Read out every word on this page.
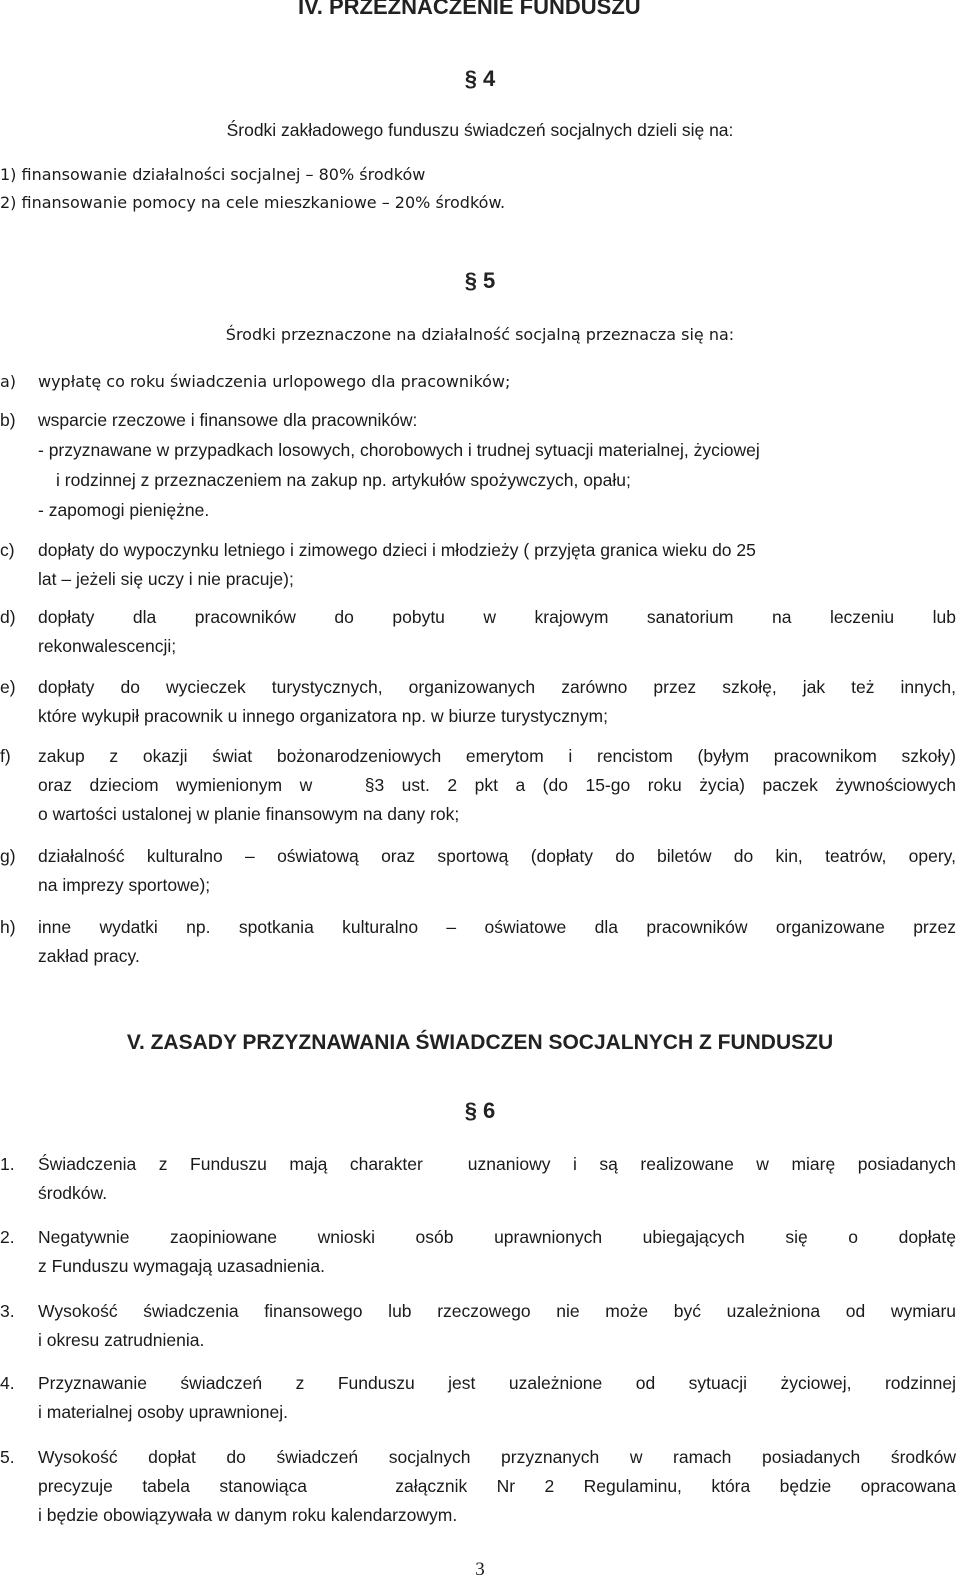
IV. PRZEZNACZENIE FUNDUSZU
§ 4
Środki zakładowego funduszu świadczeń socjalnych dzieli się na:
1) finansowanie działalności socjalnej – 80% środków
2) finansowanie pomocy na cele mieszkaniowe – 20% środków.
§ 5
Środki przeznaczone na działalność socjalną przeznacza się na:
a) wypłatę co roku świadczenia urlopowego dla pracowników;
b) wsparcie rzeczowe i finansowe dla pracowników:
- przyznawane w przypadkach losowych, chorobowych i trudnej sytuacji materialnej, życiowej
i rodzinnej z przeznaczeniem na zakup np. artykułów spożywczych, opału;
- zapomogi pieniężne.
c) dopłaty do wypoczynku letniego i zimowego dzieci i młodzieży ( przyjęta granica wieku do 25
lat – jeżeli się uczy i nie pracuje);
d) dopłaty dla pracowników do pobytu w krajowym sanatorium na leczeniu lub
rekonwalescencji;
e) dopłaty do wycieczek turystycznych, organizowanych zarówno przez szkołę, jak też innych,
które wykupił pracownik u innego organizatora np. w biurze turystycznym;
f) zakup z okazji świat bożonarodzeniowych emerytom i rencistom (byłym pracownikom szkoły)
oraz dzieciom wymienionym w   §3 ust. 2 pkt a (do 15-go roku życia) paczek żywnościowych
o wartości ustalonej w planie finansowym na dany rok;
g) działalność kulturalno – oświatową oraz sportową (dopłaty do biletów do kin, teatrów, opery,
na imprezy sportowe);
h) inne wydatki np. spotkania kulturalno – oświatowe dla pracowników organizowane przez
zakład pracy.
V. ZASADY PRZYZNAWANIA ŚWIADCZEN SOCJALNYCH Z FUNDUSZU
§ 6
1. Świadczenia z Funduszu mają charakter  uznaniowy i są realizowane w miarę posiadanych
środków.
2. Negatywnie zaopiniowane wnioski osób uprawnionych ubiegających się o dopłatę
z Funduszu wymagają uzasadnienia.
3. Wysokość świadczenia finansowego lub rzeczowego nie może być uzależniona od wymiaru
i okresu zatrudnienia.
4. Przyznawanie świadczeń z Funduszu jest uzależnione od sytuacji życiowej, rodzinnej
i materialnej osoby uprawnionej.
5. Wysokość dopłat do świadczeń socjalnych przyznanych w ramach posiadanych środków
precyzuje tabela stanowiąca   załącznik Nr 2 Regulaminu, która będzie opracowana
i będzie obowiązywała w danym roku kalendarzowym.
3
